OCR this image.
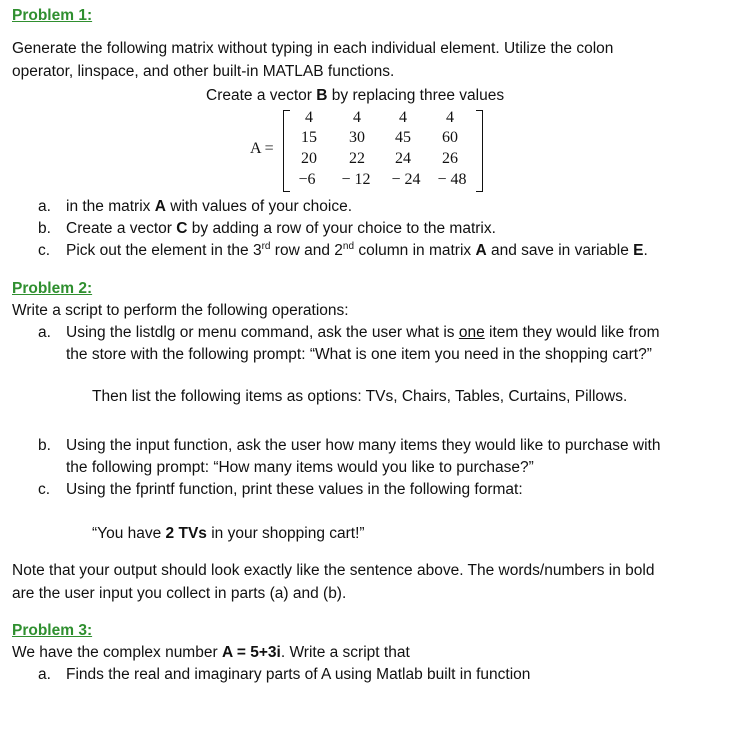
Problem 1:
Generate the following matrix without typing in each individual element. Utilize the colon
operator, linspace, and other built-in MATLAB functions.
Create a vector B by replacing three values
A =
4	4	4	4
15	30	45	60
20	22	24	26
−6	− 12	− 24	− 48
a. in the matrix A with values of your choice.
b. Create a vector C by adding a row of your choice to the matrix.
c. Pick out the element in the 3rd row and 2nd column in matrix A and save in variable E.
Problem 2:
Write a script to perform the following operations:
a. Using the listdlg or menu command, ask the user what is one item they would like from
the store with the following prompt: “What is one item you need in the shopping cart?”
Then list the following items as options: TVs, Chairs, Tables, Curtains, Pillows.
b. Using the input function, ask the user how many items they would like to purchase with
the following prompt: “How many items would you like to purchase?”
c. Using the fprintf function, print these values in the following format:
“You have 2 TVs in your shopping cart!”
Note that your output should look exactly like the sentence above. The words/numbers in bold
are the user input you collect in parts (a) and (b).
Problem 3:
We have the complex number A = 5+3i. Write a script that
a. Finds the real and imaginary parts of A using Matlab built in function
